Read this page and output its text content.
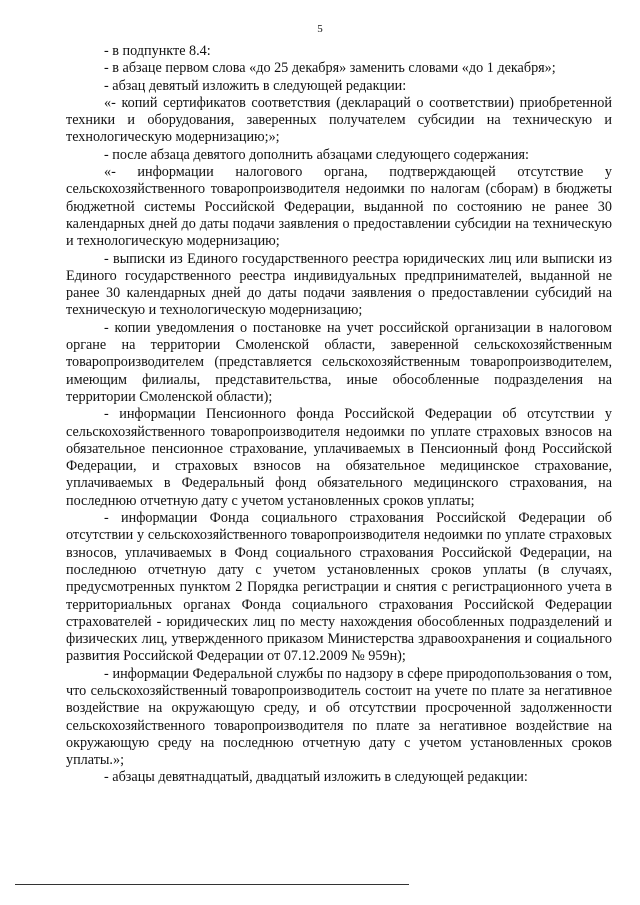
5

- в подпункте 8.4:

- в абзаце первом слова «до 25 декабря» заменить словами «до 1 декабря»;

- абзац девятый изложить в следующей редакции:

«- копий сертификатов соответствия (деклараций о соответствии) приобретенной техники и оборудования, заверенных получателем субсидии на техническую и технологическую модернизацию;»;

- после абзаца девятого дополнить абзацами следующего содержания:

«- информации налогового органа, подтверждающей отсутствие у сельскохозяйственного товаропроизводителя недоимки по налогам (сборам) в бюджеты бюджетной системы Российской Федерации, выданной по состоянию не ранее 30 календарных дней до даты подачи заявления о предоставлении субсидии на техническую и технологическую модернизацию;

- выписки из Единого государственного реестра юридических лиц или выписки из Единого государственного реестра индивидуальных предпринимателей, выданной не ранее 30 календарных дней до даты подачи заявления о предоставлении субсидий на техническую и технологическую модернизацию;

- копии уведомления о постановке на учет российской организации в налоговом органе на территории Смоленской области, заверенной сельскохозяйственным товаропроизводителем (представляется сельскохозяйственным товаропроизводителем, имеющим филиалы, представительства, иные обособленные подразделения на территории Смоленской области);

- информации Пенсионного фонда Российской Федерации об отсутствии у сельскохозяйственного товаропроизводителя недоимки по уплате страховых взносов на обязательное пенсионное страхование, уплачиваемых в Пенсионный фонд Российской Федерации, и страховых взносов на обязательное медицинское страхование, уплачиваемых в Федеральный фонд обязательного медицинского страхования, на последнюю отчетную дату с учетом установленных сроков уплаты;

- информации Фонда социального страхования Российской Федерации об отсутствии у сельскохозяйственного товаропроизводителя недоимки по уплате страховых взносов, уплачиваемых в Фонд социального страхования Российской Федерации, на последнюю отчетную дату с учетом установленных сроков уплаты (в случаях, предусмотренных пунктом 2 Порядка регистрации и снятия с регистрационного учета в территориальных органах Фонда социального страхования Российской Федерации страхователей - юридических лиц по месту нахождения обособленных подразделений и физических лиц, утвержденного приказом Министерства здравоохранения и социального развития Российской Федерации от 07.12.2009 № 959н);

- информации Федеральной службы по надзору в сфере природопользования о том, что сельскохозяйственный товаропроизводитель состоит на учете по плате за негативное воздействие на окружающую среду, и об отсутствии просроченной задолженности сельскохозяйственного товаропроизводителя по плате за негативное воздействие на окружающую среду на последнюю отчетную дату с учетом установленных сроков уплаты.»;

- абзацы девятнадцатый, двадцатый изложить в следующей редакции:
